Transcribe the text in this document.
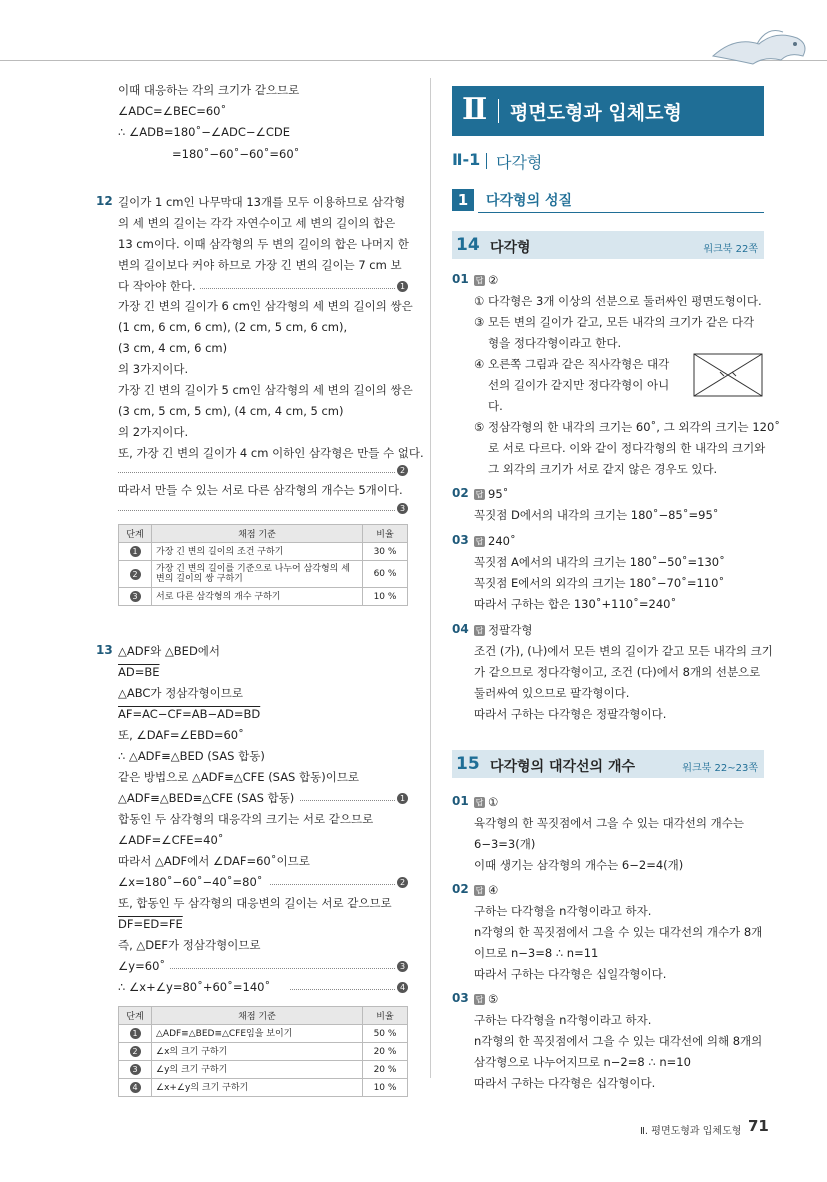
이때 대응하는 각의 크기가 같으므로
∠ADC=∠BEC=60˚
∴ ∠ADB=180˚−∠ADC−∠CDE
=180˚−60˚−60˚=60˚
12 길이가 1 cm인 나무막대 13개를 모두 이용하므로 삼각형
의 세 변의 길이는 각각 자연수이고 세 변의 길이의 합은
13 cm이다. 이때 삼각형의 두 변의 길이의 합은 나머지 한
변의 길이보다 커야 하므로 가장 긴 변의 길이는 7 cm 보
다 작아야 한다.	1
가장 긴 변의 길이가 6 cm인 삼각형의 세 변의 길이의 쌍은
(1 cm, 6 cm, 6 cm), (2 cm, 5 cm, 6 cm),
(3 cm, 4 cm, 6 cm)
의 3가지이다.
가장 긴 변의 길이가 5 cm인 삼각형의 세 변의 길이의 쌍은
(3 cm, 5 cm, 5 cm), (4 cm, 4 cm, 5 cm)
의 2가지이다.
또, 가장 긴 변의 길이가 4 cm 이하인 삼각형은 만들 수 없다.
2
따라서 만들 수 있는 서로 다른 삼각형의 개수는 5개이다.
3
단계	채점 기준	비율
1	가장 긴 변의 길이의 조건 구하기	30 %
2	가장 긴 변의 길이를 기준으로 나누어 삼각형의 세 변의 길이의 쌍 구하기	60 %
3	서로 다른 삼각형의 개수 구하기	10 %
13 △ADF와 △BED에서
AD=BE
△ABC가 정삼각형이므로
AF=AC−CF=AB−AD=BD
또, ∠DAF=∠EBD=60˚
∴ △ADF≡△BED (SAS 합동)
같은 방법으로 △ADF≡△CFE (SAS 합동)이므로
△ADF≡△BED≡△CFE (SAS 합동)	1
합동인 두 삼각형의 대응각의 크기는 서로 같으므로
∠ADF=∠CFE=40˚
따라서 △ADF에서 ∠DAF=60˚이므로
∠x=180˚−60˚−40˚=80˚	2
또, 합동인 두 삼각형의 대응변의 길이는 서로 같으므로
DF=ED=FE
즉, △DEF가 정삼각형이므로
∠y=60˚	3
∴ ∠x+∠y=80˚+60˚=140˚	4
단계	채점 기준	비율
1	△ADF≡△BED≡△CFE임을 보이기	50 %
2	∠x의 크기 구하기	20 %
3	∠y의 크기 구하기	20 %
4	∠x+∠y의 크기 구하기	10 %
Ⅱ 평면도형과 입체도형
Ⅱ-1 다각형
1	다각형의 성질
14 다각형	워크북 22쪽
01 답 ②
① 다각형은 3개 이상의 선분으로 둘러싸인 평면도형이다.
③ 모든 변의 길이가 같고, 모든 내각의 크기가 같은 다각
형을 정다각형이라고 한다.
④ 오른쪽 그림과 같은 직사각형은 대각
선의 길이가 같지만 정다각형이 아니
다.
⑤ 정삼각형의 한 내각의 크기는 60˚, 그 외각의 크기는 120˚
로 서로 다르다. 이와 같이 정다각형의 한 내각의 크기와
그 외각의 크기가 서로 같지 않은 경우도 있다.
02 답 95˚
꼭짓점 D에서의 내각의 크기는 180˚−85˚=95˚
03 답 240˚
꼭짓점 A에서의 내각의 크기는 180˚−50˚=130˚
꼭짓점 E에서의 외각의 크기는 180˚−70˚=110˚
따라서 구하는 합은 130˚+110˚=240˚
04 답 정팔각형
조건 (가), (나)에서 모든 변의 길이가 같고 모든 내각의 크기
가 같으므로 정다각형이고, 조건 (다)에서 8개의 선분으로
둘러싸여 있으므로 팔각형이다.
따라서 구하는 다각형은 정팔각형이다.
15 다각형의 대각선의 개수	워크북 22~23쪽
01 답 ①
육각형의 한 꼭짓점에서 그을 수 있는 대각선의 개수는
6−3=3(개)
이때 생기는 삼각형의 개수는 6−2=4(개)
02 답 ④
구하는 다각형을 n각형이라고 하자.
n각형의 한 꼭짓점에서 그을 수 있는 대각선의 개수가 8개
이므로 n−3=8 ∴ n=11
따라서 구하는 다각형은 십일각형이다.
03 답 ⑤
구하는 다각형을 n각형이라고 하자.
n각형의 한 꼭짓점에서 그을 수 있는 대각선에 의해 8개의
삼각형으로 나누어지므로 n−2=8 ∴ n=10
따라서 구하는 다각형은 십각형이다.
Ⅱ. 평면도형과 입체도형 71
